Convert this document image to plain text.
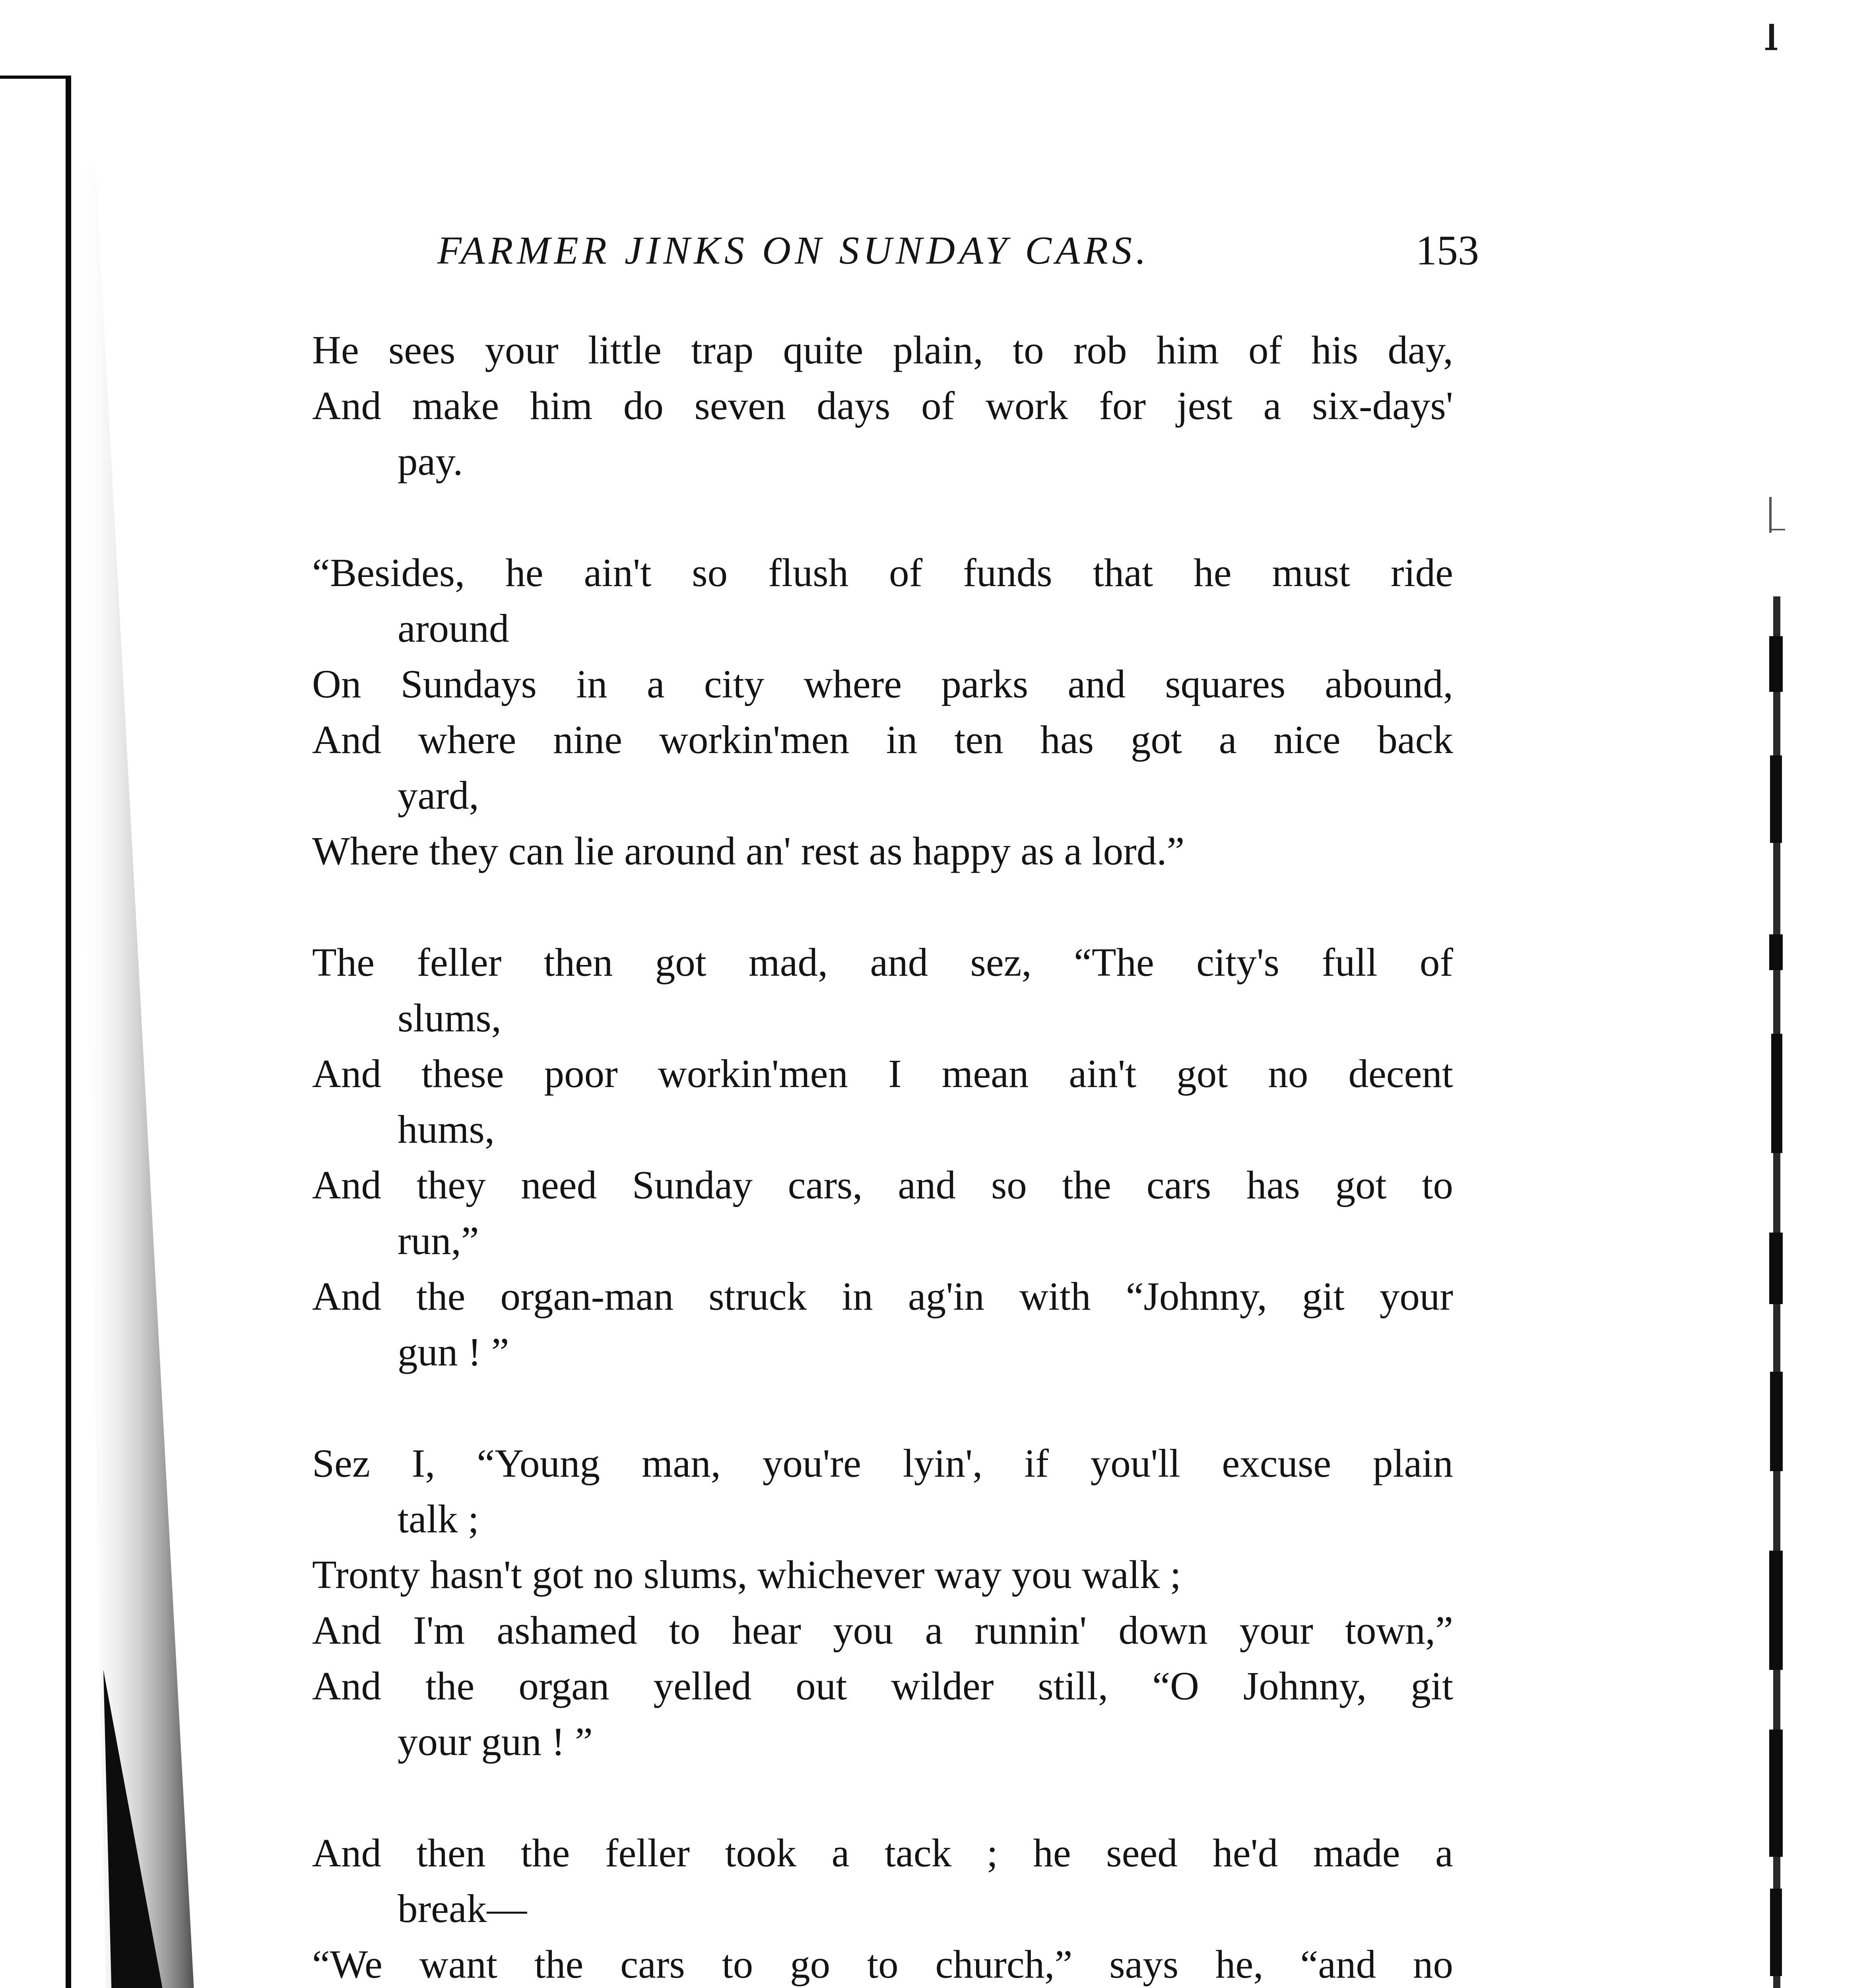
FARMER JINKS ON SUNDAY CARS.	153
He sees your little trap quite plain, to rob him of his day,
And make him do seven days of work for jest a six-days'
pay.
“Besides, he ain't so flush of funds that he must ride
around
On Sundays in a city where parks and squares abound,
And where nine workin'men in ten has got a nice back
yard,
Where they can lie around an' rest as happy as a lord.”
The feller then got mad, and sez, “The city's full of
slums,
And these poor workin'men I mean ain't got no decent
hums,
And they need Sunday cars, and so the cars has got to
run,”
And the organ-man struck in ag'in with “Johnny, git your
gun ! ”
Sez I, “Young man, you're lyin', if you'll excuse plain
talk ;
Tronty hasn't got no slums, whichever way you walk ;
And I'm ashamed to hear you a runnin' down your town,”
And the organ yelled out wilder still, “O Johnny, git
your gun ! ”
And then the feller took a tack ; he seed he'd made a
break—
“We want the cars to go to church,” says he, “and no
